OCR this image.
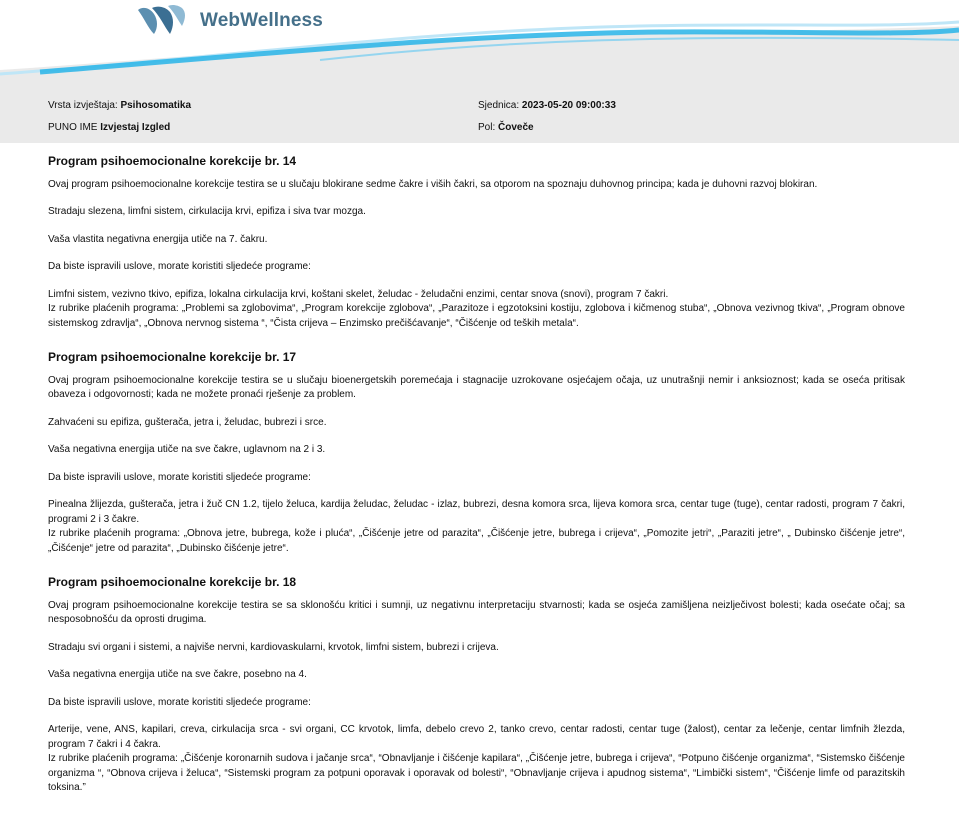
WebWellness
Vrsta izvještaja: Psihosomatika	Sjednica: 2023-05-20 09:00:33
PUNO IME Izvjestaj Izgled	Pol: Čoveče
Program psihoemocionalne korekcije br. 14

Ovaj program psihoemocionalne korekcije testira se u slučaju blokirane sedme čakre i viših čakri, sa otporom na spoznaju duhovnog principa; kada je duhovni razvoj blokiran.

Stradaju slezena, limfni sistem, cirkulacija krvi, epifiza i siva tvar mozga.

Vaša vlastita negativna energija utiče na 7. čakru.

Da biste ispravili uslove, morate koristiti sljedeće programe:

Limfni sistem, vezivno tkivo, epifiza, lokalna cirkulacija krvi, koštani skelet, želudac - želudačni enzimi, centar snova (snovi), program 7 čakri.
Iz rubrike plaćenih programa: „Problemi sa zglobovima“, „Program korekcije zglobova“, „Parazitoze i egzotoksini kostiju, zglobova i kičmenog stuba“, „Obnova vezivnog tkiva“, „Program obnove sistemskog zdravlja“, „Obnova nervnog sistema “, “Čista crijeva – Enzimsko prečišćavanje“, “Čišćenje od teških metala“.

Program psihoemocionalne korekcije br. 17

Ovaj program psihoemocionalne korekcije testira se u slučaju bioenergetskih poremećaja i stagnacije uzrokovane osjećajem očaja, uz unutrašnji nemir i anksioznost; kada se oseća pritisak obaveza i odgovornosti; kada ne možete pronaći rješenje za problem.

Zahvaćeni su epifiza, gušterača, jetra i, želudac, bubrezi i srce.

Vaša negativna energija utiče na sve čakre, uglavnom na 2 i 3.

Da biste ispravili uslove, morate koristiti sljedeće programe:

Pinealna žlijezda, gušterača, jetra i žuč CN 1.2, tijelo želuca, kardija želudac, želudac - izlaz, bubrezi, desna komora srca, lijeva komora srca, centar tuge (tuge), centar radosti, program 7 čakri, programi 2 i 3 čakre.
Iz rubrike plaćenih programa: „Obnova jetre, bubrega, kože i pluća“, „Čišćenje jetre od parazita“, „Čišćenje jetre, bubrega i crijeva“, „Pomozite jetri“, „Paraziti jetre“, „ Dubinsko čišćenje jetre“, „Čišćenje“ jetre od parazita“, „Dubinsko čišćenje jetre“.

Program psihoemocionalne korekcije br. 18

Ovaj program psihoemocionalne korekcije testira se sa sklonošću kritici i sumnji, uz negativnu interpretaciju stvarnosti; kada se osjeća zamišljena neizlječivost bolesti; kada osećate očaj; sa nesposobnošću da oprosti drugima.

Stradaju svi organi i sistemi, a najviše nervni, kardiovaskularni, krvotok, limfni sistem, bubrezi i crijeva.

Vaša negativna energija utiče na sve čakre, posebno na 4.

Da biste ispravili uslove, morate koristiti sljedeće programe:

Arterije, vene, ANS, kapilari, creva, cirkulacija srca - svi organi, CC krvotok, limfa, debelo crevo 2, tanko crevo, centar radosti, centar tuge (žalost), centar za lečenje, centar limfnih žlezda, program 7 čakri i 4 čakra.
Iz rubrike plaćenih programa: „Čišćenje koronarnih sudova i jačanje srca“, “Obnavljanje i čišćenje kapilara“, „Čišćenje jetre, bubrega i crijeva“, “Potpuno čišćenje organizma“, “Sistemsko čišćenje organizma “, “Obnova crijeva i želuca“, “Sistemski program za potpuni oporavak i oporavak od bolesti“, “Obnavljanje crijeva i apudnog sistema“, “Limbički sistem“, “Čišćenje limfe od parazitskih toksina.”
